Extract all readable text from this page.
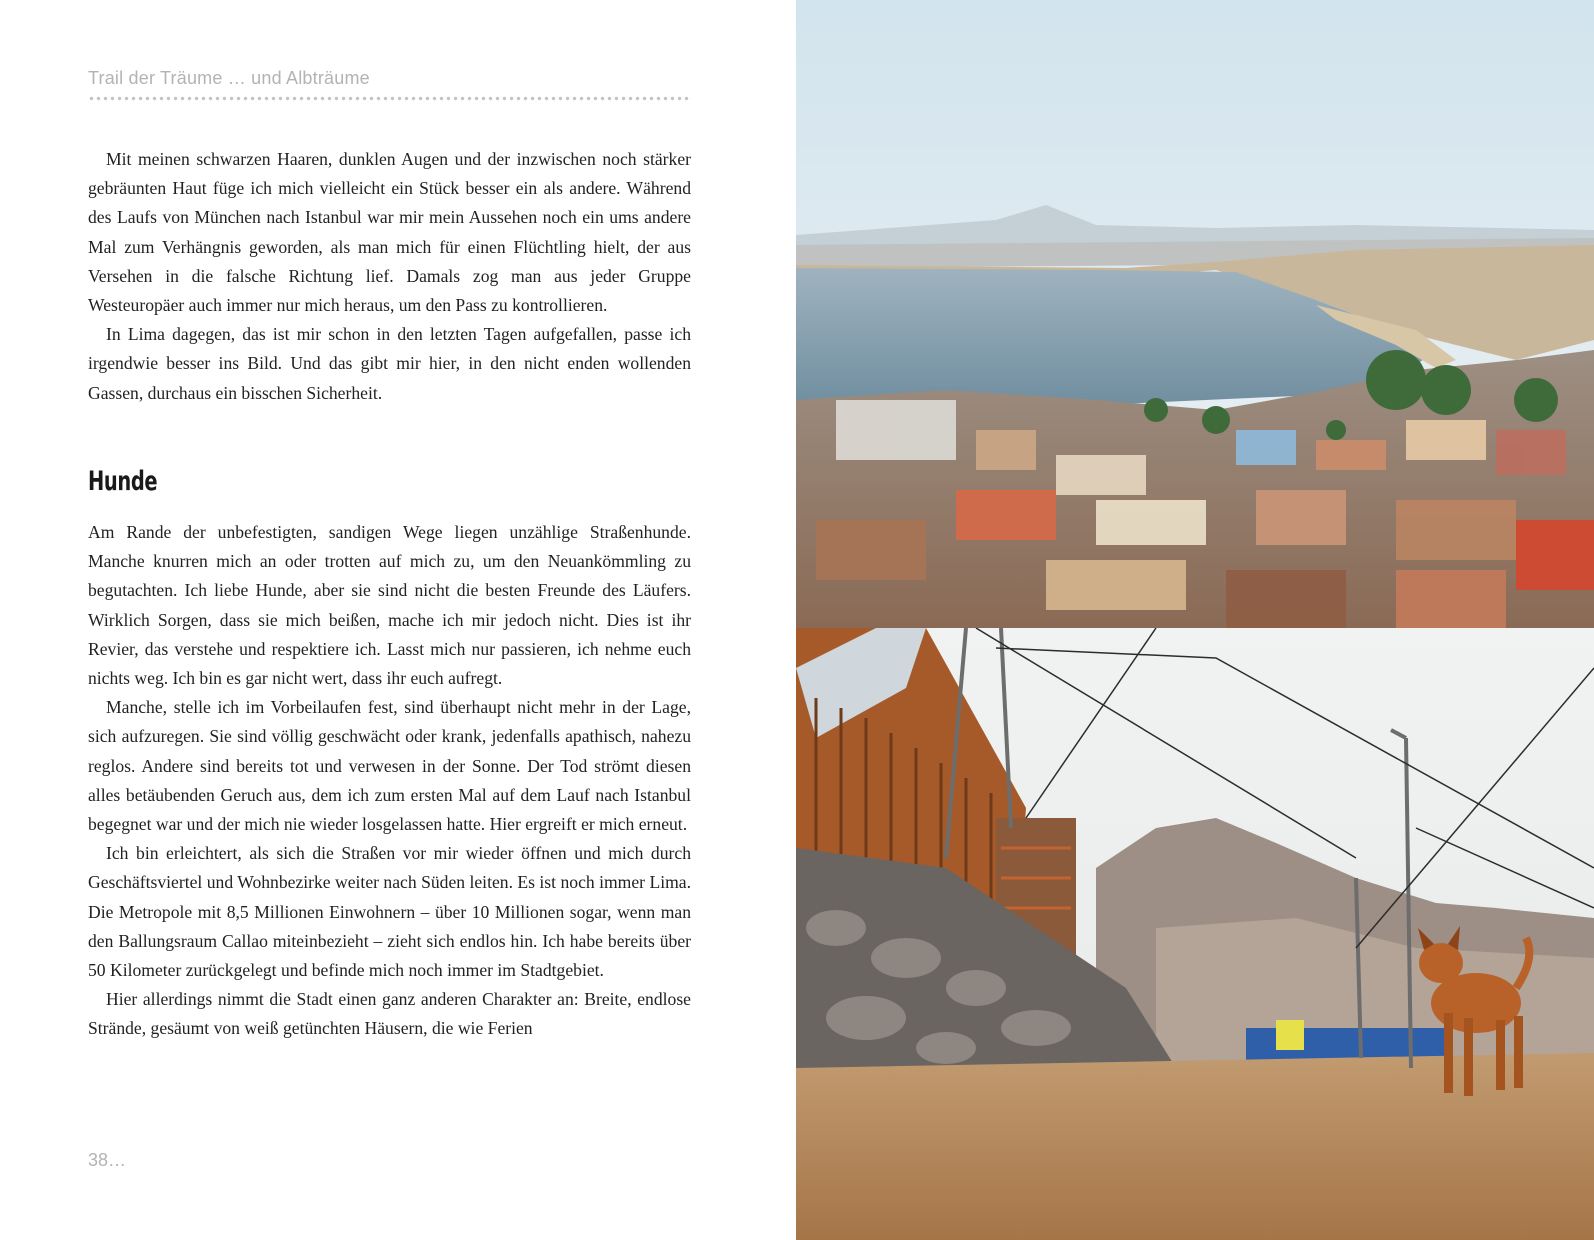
Trail der Träume … und Albträume

Mit meinen schwarzen Haaren, dunklen Augen und der inzwischen noch stärker gebräunten Haut füge ich mich vielleicht ein Stück besser ein als andere. Während des Laufs von München nach Istanbul war mir mein Aussehen noch ein ums andere Mal zum Verhängnis geworden, als man mich für einen Flüchtling hielt, der aus Versehen in die falsche Richtung lief. Damals zog man aus jeder Gruppe Westeuropäer auch immer nur mich heraus, um den Pass zu kontrollieren.

In Lima dagegen, das ist mir schon in den letzten Tagen aufgefallen, passe ich irgendwie besser ins Bild. Und das gibt mir hier, in den nicht enden wollenden Gassen, durchaus ein bisschen Sicherheit.

Hunde

Am Rande der unbefestigten, sandigen Wege liegen unzählige Straßenhunde. Manche knurren mich an oder trotten auf mich zu, um den Neuankömmling zu begutachten. Ich liebe Hunde, aber sie sind nicht die besten Freunde des Läufers. Wirklich Sorgen, dass sie mich beißen, mache ich mir jedoch nicht. Dies ist ihr Revier, das verstehe und respektiere ich. Lasst mich nur passieren, ich nehme euch nichts weg. Ich bin es gar nicht wert, dass ihr euch aufregt.

Manche, stelle ich im Vorbeilaufen fest, sind überhaupt nicht mehr in der Lage, sich aufzuregen. Sie sind völlig geschwächt oder krank, jedenfalls apathisch, nahezu reglos. Andere sind bereits tot und verwesen in der Sonne. Der Tod strömt diesen alles betäubenden Geruch aus, dem ich zum ersten Mal auf dem Lauf nach Istanbul begegnet war und der mich nie wieder losgelassen hatte. Hier ergreift er mich erneut.

Ich bin erleichtert, als sich die Straßen vor mir wieder öffnen und mich durch Geschäftsviertel und Wohnbezirke weiter nach Süden leiten. Es ist noch immer Lima. Die Metropole mit 8,5 Millionen Einwohnern – über 10 Millionen sogar, wenn man den Ballungsraum Callao miteinbezieht – zieht sich endlos hin. Ich habe bereits über 50 Kilometer zurückgelegt und befinde mich noch immer im Stadtgebiet.

Hier allerdings nimmt die Stadt einen ganz anderen Charakter an: Breite, endlose Strände, gesäumt von weiß getünchten Häusern, die wie Ferien

38…
